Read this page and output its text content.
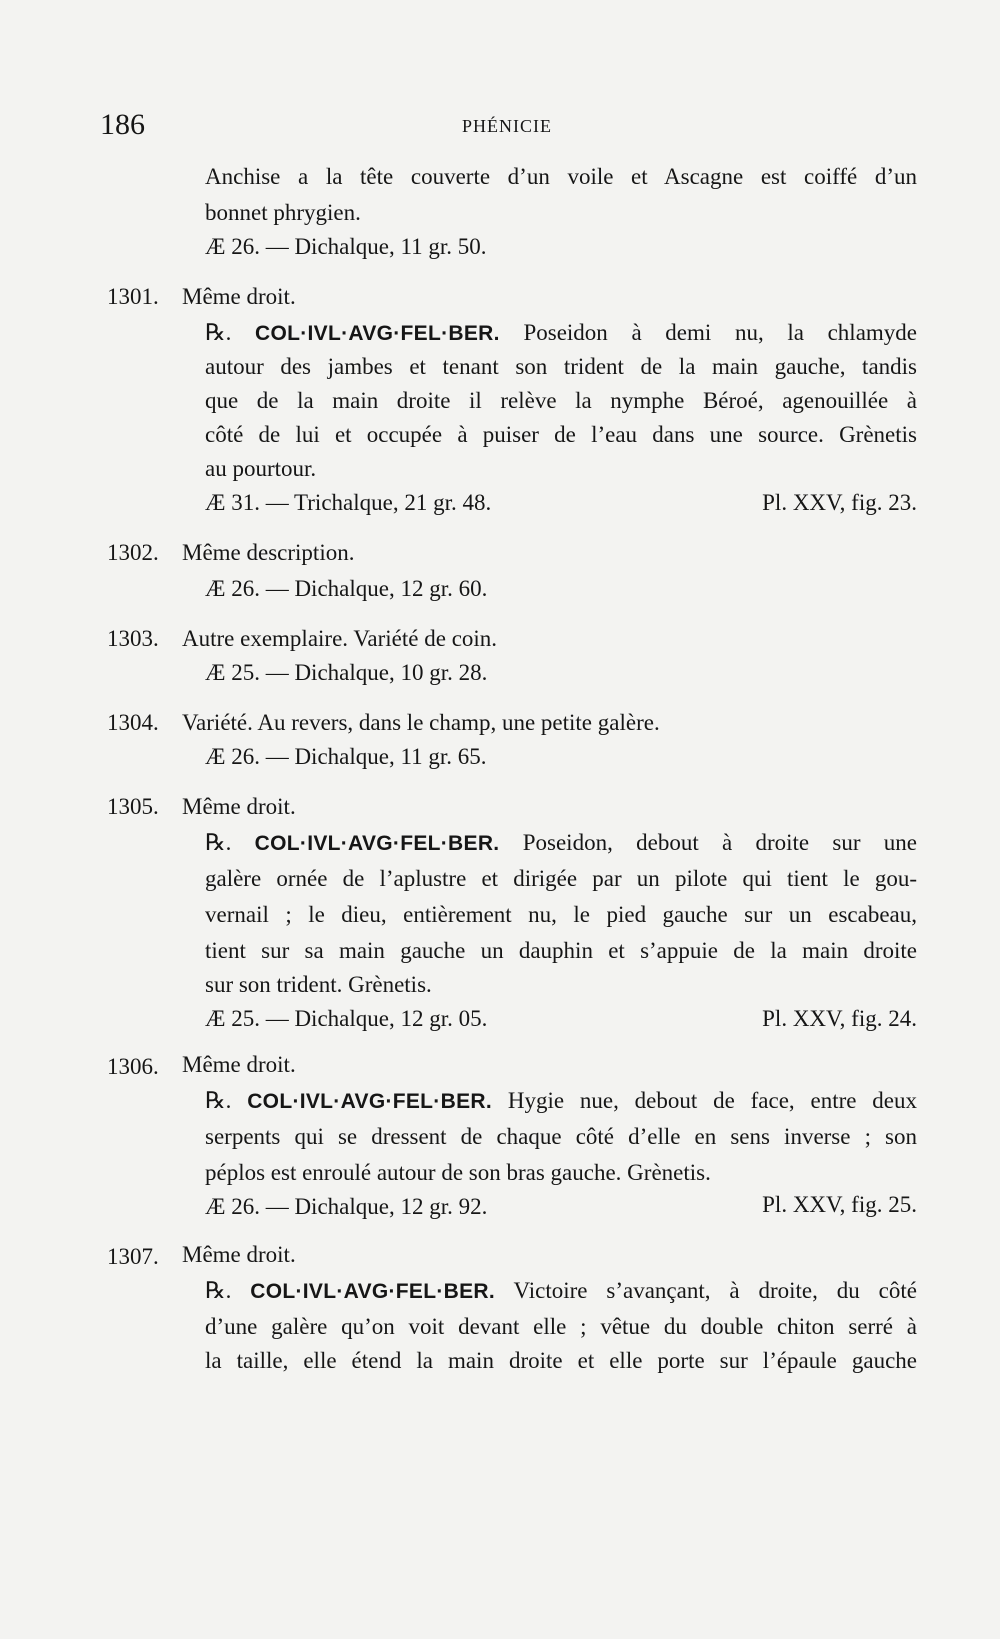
186	PHÉNICIE
Anchise a la tête couverte d’un voile et Ascagne est coiffé d’un
bonnet phrygien.
Æ 26. — Dichalque, 11 gr. 50.
1301. Même droit.
℞. COL·IVL·AVG·FEL·BER. Poseidon à demi nu, la chlamyde
autour des jambes et tenant son trident de la main gauche, tandis
que de la main droite il relève la nymphe Béroé, agenouillée à
côté de lui et occupée à puiser de l’eau dans une source. Grènetis
au pourtour.
Æ 31. — Trichalque, 21 gr. 48.	Pl. XXV, fig. 23.
1302. Même description.
Æ 26. — Dichalque, 12 gr. 60.
1303. Autre exemplaire. Variété de coin.
Æ 25. — Dichalque, 10 gr. 28.
1304. Variété. Au revers, dans le champ, une petite galère.
Æ 26. — Dichalque, 11 gr. 65.
1305. Même droit.
℞. COL·IVL·AVG·FEL·BER. Poseidon, debout à droite sur une
galère ornée de l’aplustre et dirigée par un pilote qui tient le gou-
vernail ; le dieu, entièrement nu, le pied gauche sur un escabeau,
tient sur sa main gauche un dauphin et s’appuie de la main droite
sur son trident. Grènetis.
Æ 25. — Dichalque, 12 gr. 05.	Pl. XXV, fig. 24.
1306. Même droit.
℞. COL·IVL·AVG·FEL·BER. Hygie nue, debout de face, entre deux
serpents qui se dressent de chaque côté d’elle en sens inverse ; son
péplos est enroulé autour de son bras gauche. Grènetis.
Æ 26. — Dichalque, 12 gr. 92.	Pl. XXV, fig. 25.
1307. Même droit.
℞. COL·IVL·AVG·FEL·BER. Victoire s’avançant, à droite, du côté
d’une galère qu’on voit devant elle ; vêtue du double chiton serré à
la taille, elle étend la main droite et elle porte sur l’épaule gauche
